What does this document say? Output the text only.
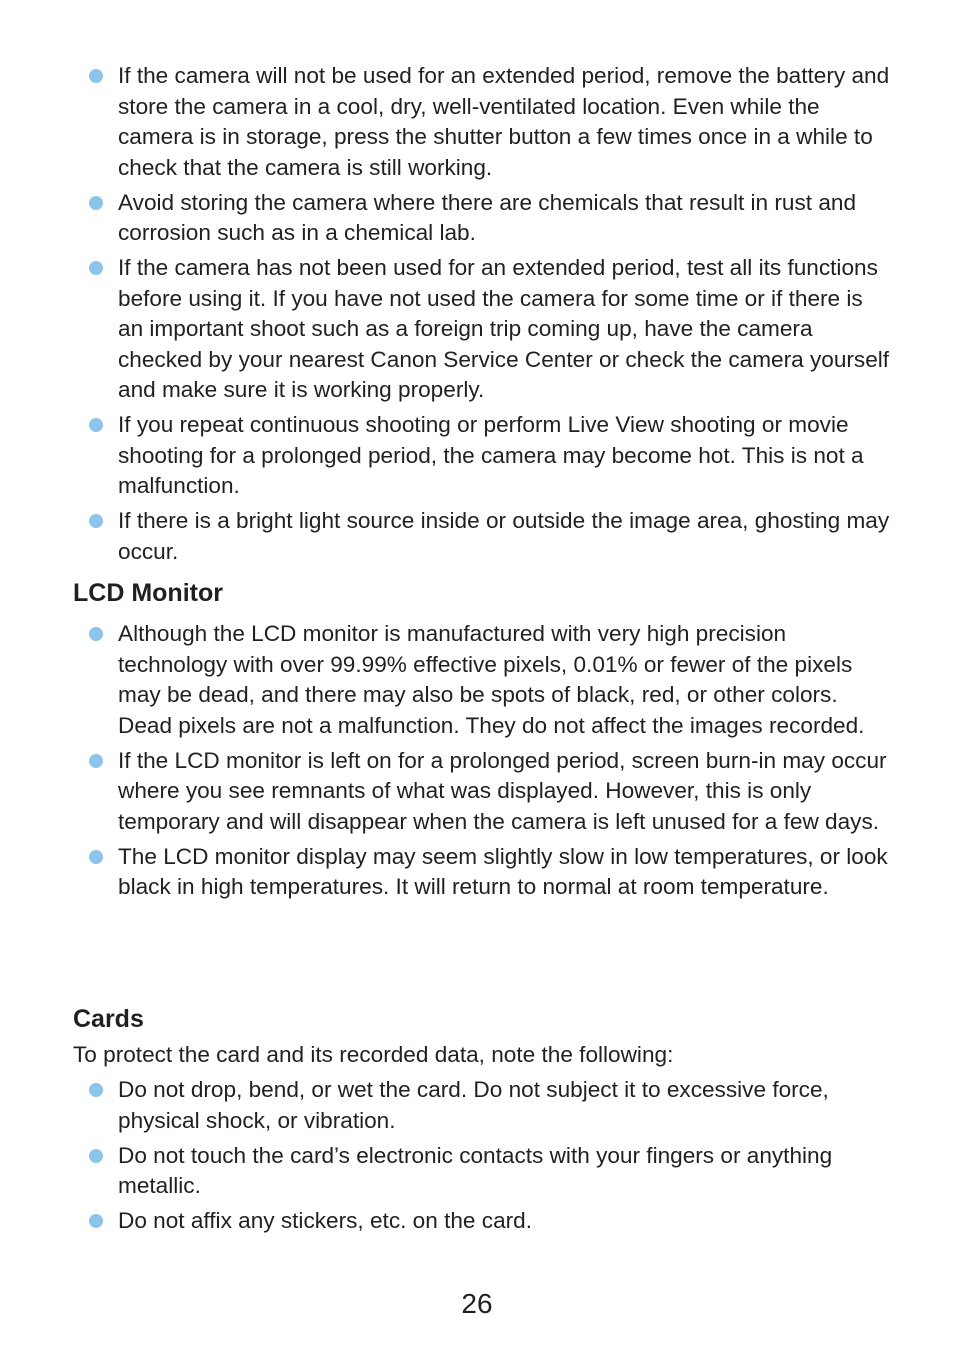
If the camera will not be used for an extended period, remove the battery and store the camera in a cool, dry, well-ventilated location. Even while the camera is in storage, press the shutter button a few times once in a while to check that the camera is still working.
Avoid storing the camera where there are chemicals that result in rust and corrosion such as in a chemical lab.
If the camera has not been used for an extended period, test all its functions before using it. If you have not used the camera for some time or if there is an important shoot such as a foreign trip coming up, have the camera checked by your nearest Canon Service Center or check the camera yourself and make sure it is working properly.
If you repeat continuous shooting or perform Live View shooting or movie shooting for a prolonged period, the camera may become hot. This is not a malfunction.
If there is a bright light source inside or outside the image area, ghosting may occur.
LCD Monitor
Although the LCD monitor is manufactured with very high precision technology with over 99.99% effective pixels, 0.01% or fewer of the pixels may be dead, and there may also be spots of black, red, or other colors. Dead pixels are not a malfunction. They do not affect the images recorded.
If the LCD monitor is left on for a prolonged period, screen burn-in may occur where you see remnants of what was displayed. However, this is only temporary and will disappear when the camera is left unused for a few days.
The LCD monitor display may seem slightly slow in low temperatures, or look black in high temperatures. It will return to normal at room temperature.
Cards

To protect the card and its recorded data, note the following:

Do not drop, bend, or wet the card. Do not subject it to excessive force, physical shock, or vibration.
Do not touch the card’s electronic contacts with your fingers or anything metallic.
Do not affix any stickers, etc. on the card.
26
